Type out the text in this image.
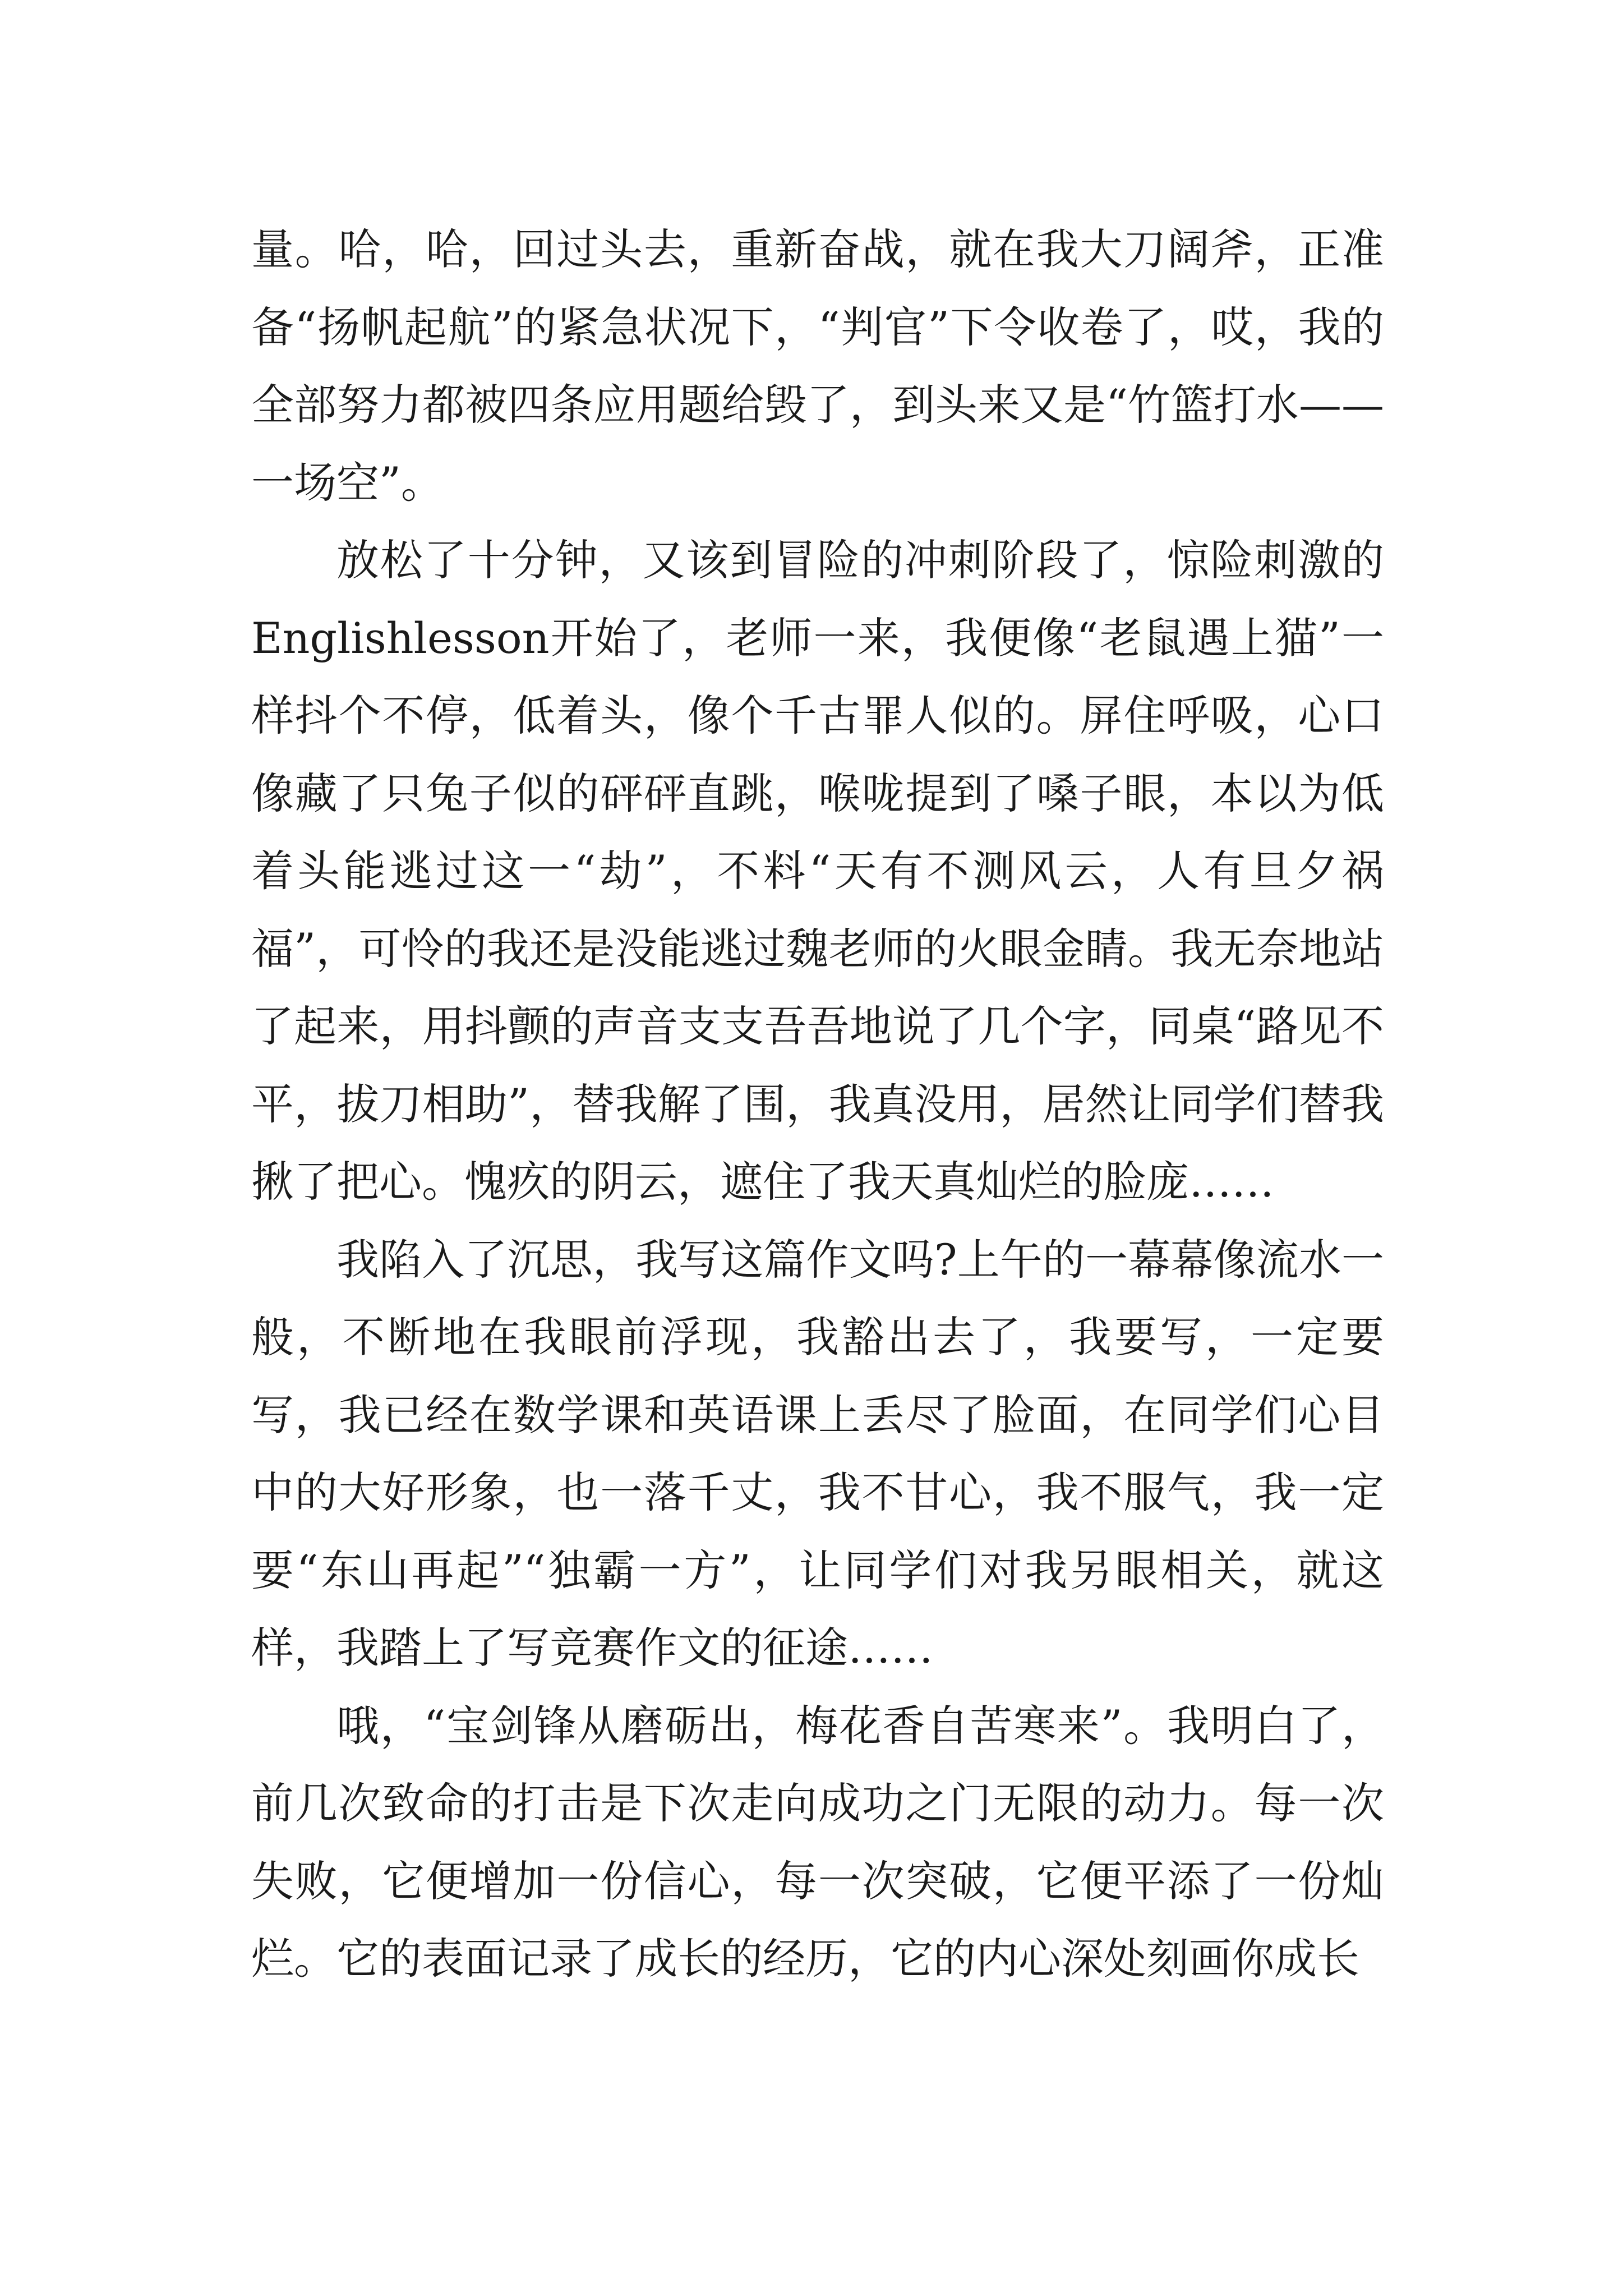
量。哈，哈，回过头去，重新奋战，就在我大刀阔斧，正准备“扬帆起航”的紧急状况下，“判官”下令收卷了，哎，我的全部努力都被四条应用题给毁了，到头来又是“竹篮打水——一场空”。

放松了十分钟，又该到冒险的冲刺阶段了，惊险刺激的Englishlesson开始了，老师一来，我便像“老鼠遇上猫”一样抖个不停，低着头，像个千古罪人似的。屏住呼吸，心口像藏了只兔子似的砰砰直跳，喉咙提到了嗓子眼，本以为低着头能逃过这一“劫”，不料“天有不测风云，人有旦夕祸福”，可怜的我还是没能逃过魏老师的火眼金睛。我无奈地站了起来，用抖颤的声音支支吾吾地说了几个字，同桌“路见不平，拔刀相助”，替我解了围，我真没用，居然让同学们替我揪了把心。愧疚的阴云，遮住了我天真灿烂的脸庞……

我陷入了沉思，我写这篇作文吗?上午的一幕幕像流水一般，不断地在我眼前浮现，我豁出去了，我要写，一定要写，我已经在数学课和英语课上丢尽了脸面，在同学们心目中的大好形象，也一落千丈，我不甘心，我不服气，我一定要“东山再起”“独霸一方”，让同学们对我另眼相关，就这样，我踏上了写竞赛作文的征途……

哦，“宝剑锋从磨砺出，梅花香自苦寒来”。我明白了，前几次致命的打击是下次走向成功之门无限的动力。每一次失败，它便增加一份信心，每一次突破，它便平添了一份灿烂。它的表面记录了成长的经历，它的内心深处刻画你成长
